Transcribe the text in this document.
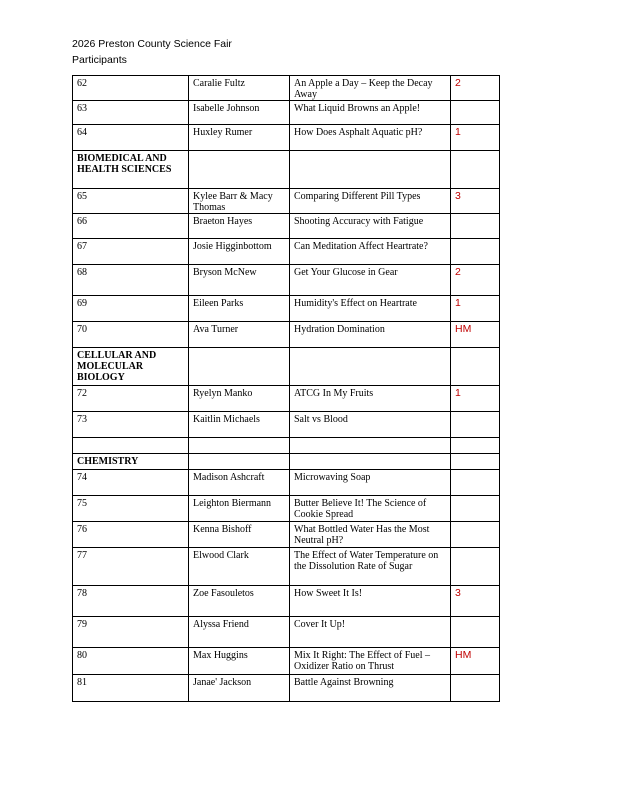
2026 Preston County Science Fair
Participants
62	Caralie Fultz	An Apple a Day – Keep the Decay Away	2
63	Isabelle Johnson	What Liquid Browns an Apple!	
64	Huxley Rumer	How Does Asphalt Aquatic pH?	1
BIOMEDICAL AND HEALTH SCIENCES			
65	Kylee Barr & Macy Thomas	Comparing Different Pill Types	3
66	Braeton Hayes	Shooting Accuracy with Fatigue	
67	Josie Higginbottom	Can Meditation Affect Heartrate?	
68	Bryson McNew	Get Your Glucose in Gear	2
69	Eileen Parks	Humidity's Effect on Heartrate	1
70	Ava Turner	Hydration Domination	HM
CELLULAR AND MOLECULAR BIOLOGY			
72	Ryelyn Manko	ATCG In My Fruits	1
73	Kaitlin Michaels	Salt vs Blood	

CHEMISTRY			
74	Madison Ashcraft	Microwaving Soap	
75	Leighton Biermann	Butter Believe It! The Science of Cookie Spread	
76	Kenna Bishoff	What Bottled Water Has the Most Neutral pH?	
77	Elwood Clark	The Effect of Water Temperature on the Dissolution Rate of Sugar	
78	Zoe Fasouletos	How Sweet It Is!	3
79	Alyssa Friend	Cover It Up!	
80	Max Huggins	Mix It Right: The Effect of Fuel –Oxidizer Ratio on Thrust	HM
81	Janae' Jackson	Battle Against Browning	
